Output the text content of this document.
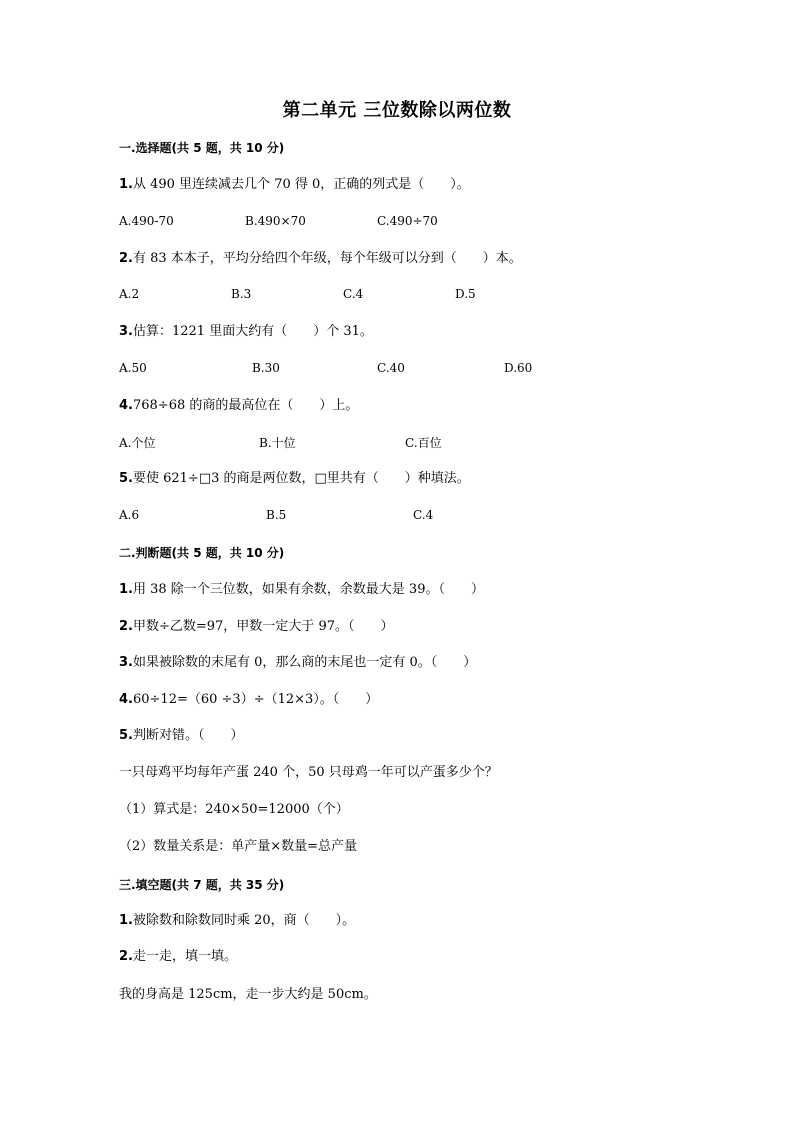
第二单元 三位数除以两位数
一.选择题(共 5 题，共 10 分)
1.从 490 里连续减去几个 70 得 0，正确的列式是（　　）。
A.490-70	B.490×70	C.490÷70
2.有 83 本本子，平均分给四个年级，每个年级可以分到（　　）本。
A.2	B.3	C.4	D.5
3.估算：1221 里面大约有（　　）个 31。
A.50	B.30	C.40	D.60
4.768÷68 的商的最高位在（　　）上。
A.个位	B.十位	C.百位
5.要使 621÷□3 的商是两位数，□里共有（　　）种填法。
A.6	B.5	C.4
二.判断题(共 5 题，共 10 分)
1.用 38 除一个三位数，如果有余数，余数最大是 39。（　　）
2.甲数÷乙数=97，甲数一定大于 97。（　　）
3.如果被除数的末尾有 0，那么商的末尾也一定有 0。（　　）
4.60÷12=（60 ÷3）÷（12×3）。（　　）
5.判断对错。（　　）
一只母鸡平均每年产蛋 240 个，50 只母鸡一年可以产蛋多少个？
（1）算式是：240×50=12000（个）
（2）数量关系是：单产量×数量=总产量
三.填空题(共 7 题，共 35 分)
1.被除数和除数同时乘 20，商（　　）。
2.走一走，填一填。
我的身高是 125cm，走一步大约是 50cm。
